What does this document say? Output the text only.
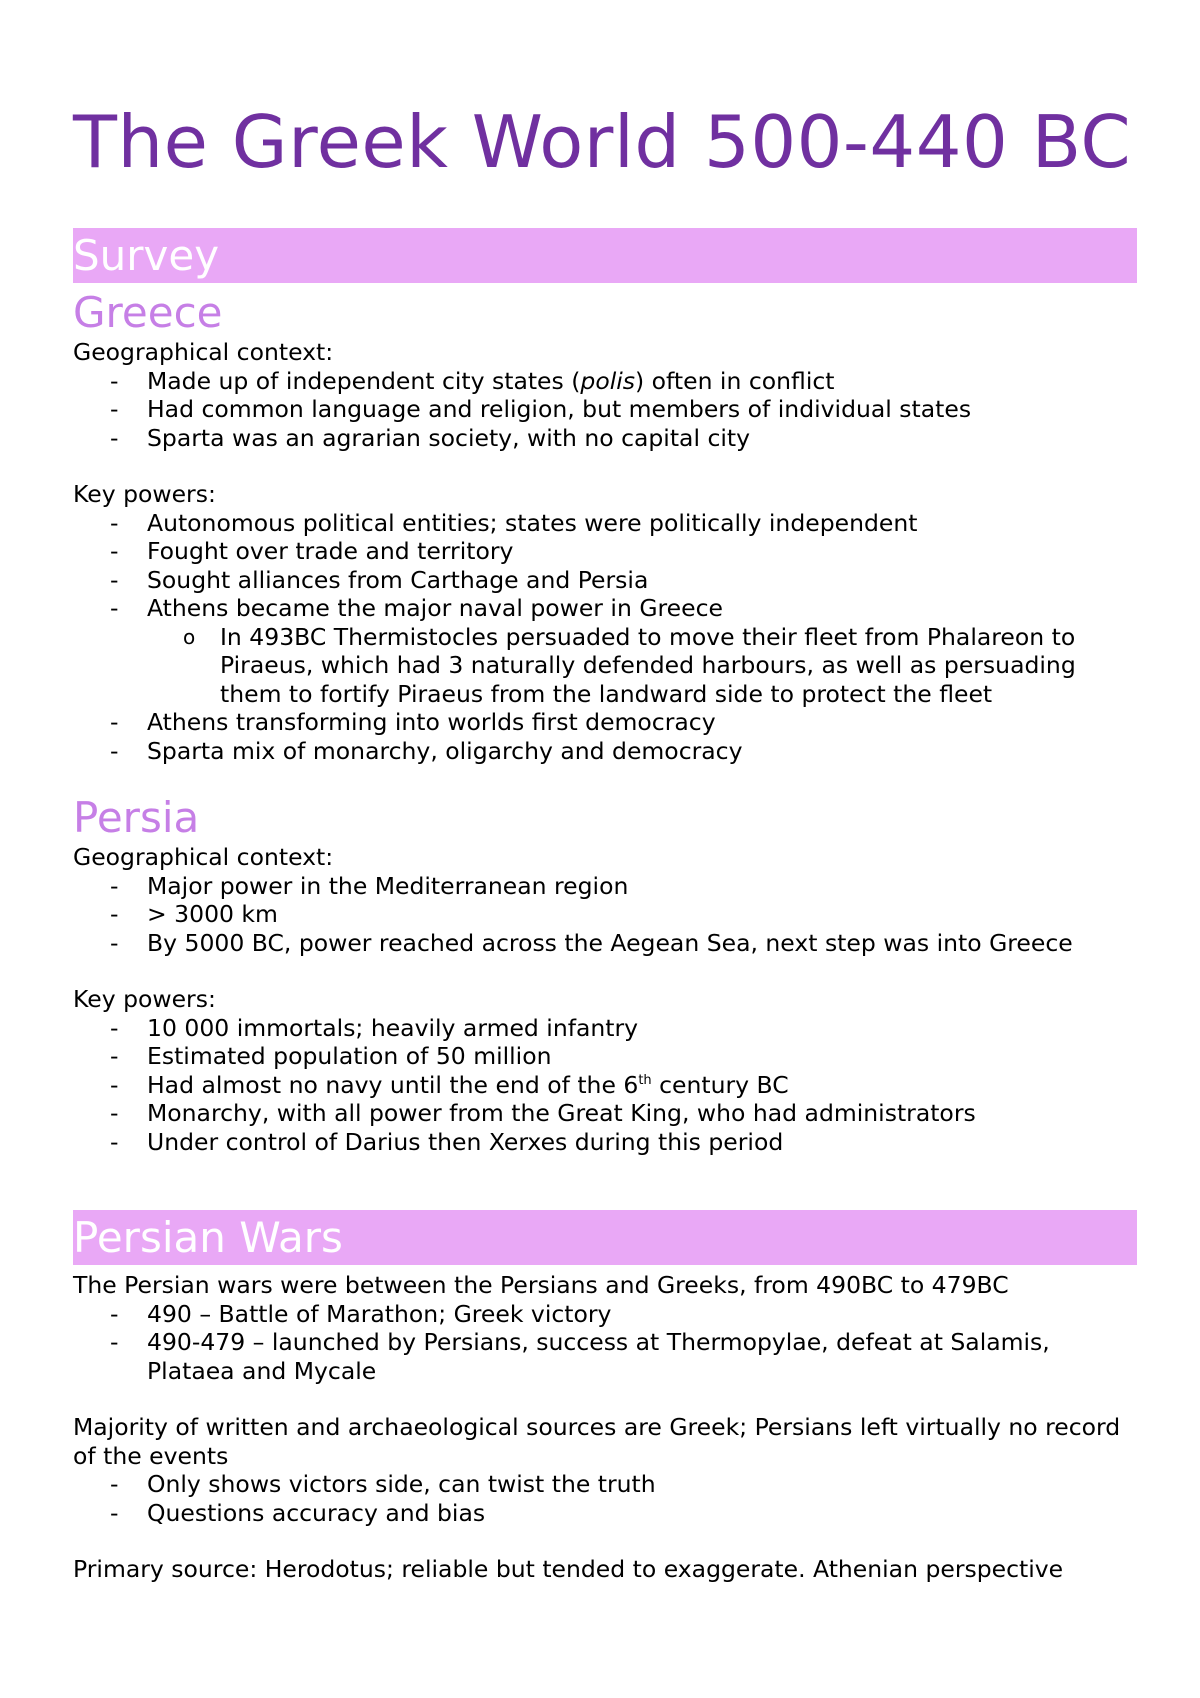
The Greek World 500-440 BC
Survey
Greece

Geographical context:

- Made up of independent city states (polis) often in conflict
- Had common language and religion, but members of individual states
- Sparta was an agrarian society, with no capital city

Key powers:

- Autonomous political entities; states were politically independent
- Fought over trade and territory
- Sought alliances from Carthage and Persia
- Athens became the major naval power in Greece
o In 493BC Thermistocles persuaded to move their fleet from Phalareon to Piraeus, which had 3 naturally defended harbours, as well as persuading them to fortify Piraeus from the landward side to protect the fleet
- Athens transforming into worlds first democracy
- Sparta mix of monarchy, oligarchy and democracy
Persia

Geographical context:

- Major power in the Mediterranean region
- > 3000 km
- By 5000 BC, power reached across the Aegean Sea, next step was into Greece

Key powers:

- 10 000 immortals; heavily armed infantry
- Estimated population of 50 million
- Had almost no navy until the end of the 6th century BC
- Monarchy, with all power from the Great King, who had administrators
- Under control of Darius then Xerxes during this period
Persian Wars

The Persian wars were between the Persians and Greeks, from 490BC to 479BC

- 490 – Battle of Marathon; Greek victory
- 490-479 – launched by Persians, success at Thermopylae, defeat at Salamis, Plataea and Mycale

Majority of written and archaeological sources are Greek; Persians left virtually no record of the events

- Only shows victors side, can twist the truth
- Questions accuracy and bias

Primary source: Herodotus; reliable but tended to exaggerate. Athenian perspective
